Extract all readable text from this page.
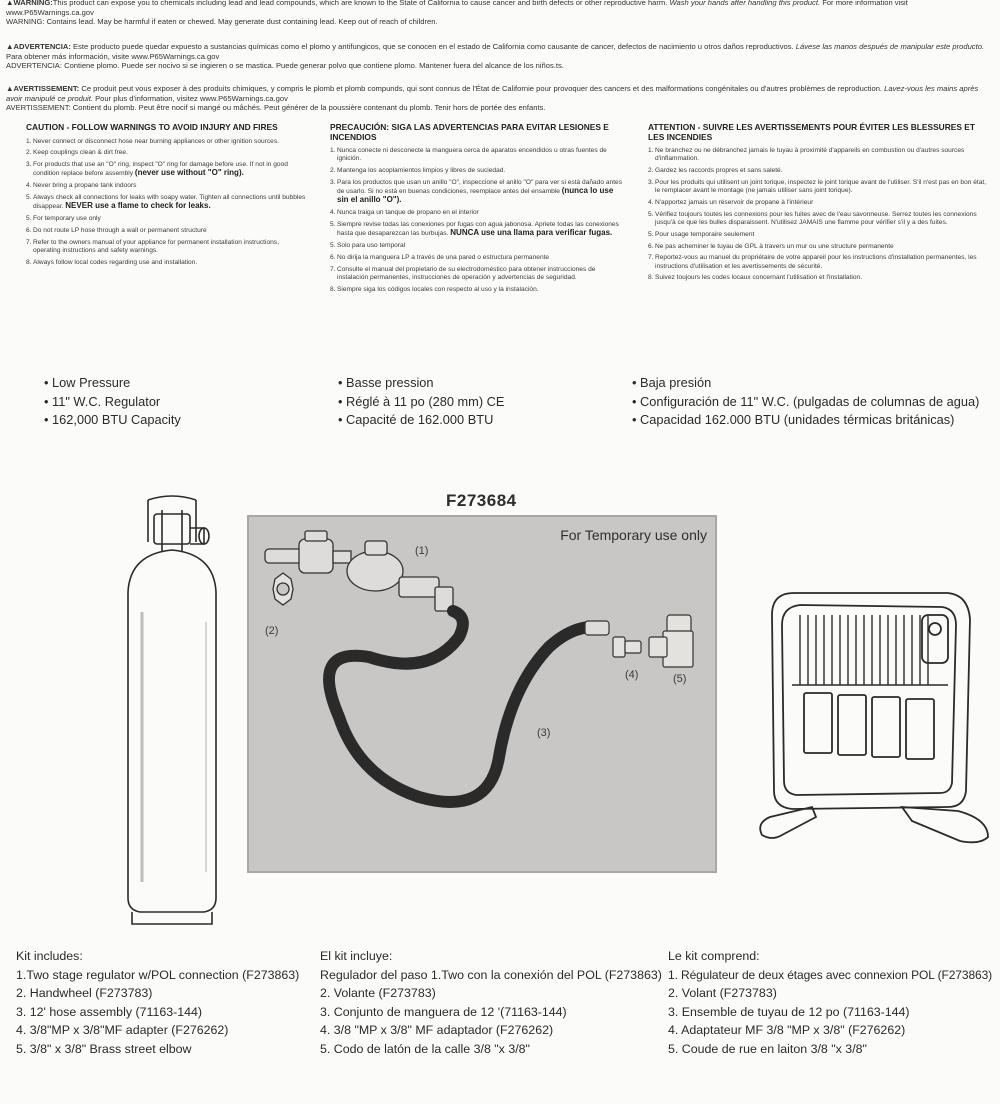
▲WARNING:This product can expose you to chemicals including lead and lead compounds, which are known to the State of California to cause cancer and birth defects or other reproductive harm. Wash your hands after handling this product. For more information visit www.P65Warnings.ca.gov
WARNING: Contains lead. May be harmful if eaten or chewed. May generate dust containing lead. Keep out of reach of children.
▲ADVERTENCIA: Este producto puede quedar expuesto a sustancias químicas como el plomo y antifungicos, que se conocen en el estado de California como causante de cancer, defectos de nacimiento u otros daños reproductivos. Lávese las manos después de manipular este producto. Para obtener más información, visite www.P65Warnings.ca.gov
ADVERTENCIA: Contiene plomo. Puede ser nocivo si se ingieren o se mastica. Puede generar polvo que contiene plomo. Mantener fuera del alcance de los niños.ts.
▲AVERTISSEMENT: Ce produit peut vous exposer à des produits chimiques, y compris le plomb et plomb compunds, qui sont connus de l'État de Californie pour provoquer des cancers et des malformations congénitales ou d'autres problèmes de reproduction. Lavez-vous les mains après avoir manipulé ce produit. Pour plus d'information, visitez www.P65Warnings.ca.gov
AVERTISSEMENT: Contient du plomb. Peut être nocif si mangé ou mâchés. Peut générer de la poussière contenant du plomb. Tenir hors de portée des enfants.
CAUTION - FOLLOW WARNINGS TO AVOID INJURY AND FIRES
1. Never connect or disconnect hose near burning appliances or other ignition sources.
2. Keep couplings clean & dirt free.
3. For products that use an "O" ring, inspect "O" ring for damage before use. If not in good condition replace before assembly (never use without "O" ring).
4. Never bring a propane tank indoors
5. Always check all connections for leaks with soapy water. Tighten all connections until bubbles disappear. NEVER use a flame to check for leaks.
5. For temporary use only
6. Do not route LP hose through a wall or permanent structure
7. Refer to the owners manual of your appliance for permanent installation instructions, operating instructions and safety warnings.
8. Always follow local codes regarding use and installation.
PRECAUCIÓN: SIGA LAS ADVERTENCIAS PARA EVITAR LESIONES E INCENDIOS
1. Nunca conecte ni desconecte la manguera cerca de aparatos encendidos u otras fuentes de ignición.
2. Mantenga los acoplamientos limpios y libres de suciedad.
3. Para los productos que usan un anillo "O", inspeccione el anillo "O" para ver si está dañado antes de usarlo. Si no está en buenas condiciones, reemplace antes del ensamble (nunca lo use sin el anillo "O").
4. Nunca traiga un tanque de propano en el interior
5. Siempre revise todas las conexiones por fugas con agua jabonosa. Apriete todas las conexiones hasta que desaparezcan las burbujas. NUNCA use una llama para verificar fugas.
5. Solo para uso temporal
6. No dirija la manguera LP a través de una pared o estructura permanente
7. Consulte el manual del propietario de su electrodoméstico para obtener instrucciones de instalación permanentes, instrucciones de operación y advertencias de seguridad.
8. Siempre siga los códigos locales con respecto al uso y la instalación.
ATTENTION - SUIVRE LES AVERTISSEMENTS POUR ÉVITER LES BLESSURES ET LES INCENDIES
1. Ne branchez ou ne débranchez jamais le tuyau à proximité d'appareils en combustion ou d'autres sources d'inflammation.
2. Gardez les raccords propres et sans saleté.
3. Pour les produits qui utilisent un joint torique, inspectez le joint torique avant de l'utiliser. S'il n'est pas en bon état, le remplacer avant le montage (ne jamais utiliser sans joint torique).
4. N'apportez jamais un réservoir de propane à l'intérieur
5. Vérifiez toujours toutes les connexions pour les fuites avec de l'eau savonneuse. Serrez toutes les connexions jusqu'à ce que les bulles disparaissent. N'utilisez JAMAIS une flamme pour vérifier s'il y a des fuites.
5. Pour usage temporaire seulement
6. Ne pas acheminer le tuyau de GPL à travers un mur ou une structure permanente
7. Reportez-vous au manuel du propriétaire de votre appareil pour les instructions d'installation permanentes, les instructions d'utilisation et les avertissements de sécurité.
8. Suivez toujours les codes locaux concernant l'utilisation et l'installation.
• Low Pressure
• 11" W.C. Regulator
• 162,000 BTU Capacity
• Basse pression
• Réglé à 11 po (280 mm) CE
• Capacité de 162.000 BTU
• Baja presión
• Configuración de 11" W.C. (pulgadas de columnas de agua)
• Capacidad 162.000 BTU (unidades térmicas británicas)
F273684
For Temporary use only
(1)
(2)
(3)
(4)	(5)
Kit includes:
1.Two stage regulator w/POL connection (F273863)
2. Handwheel (F273783)
3. 12' hose assembly (71163-144)
4. 3/8"MP x 3/8"MF adapter (F276262)
5. 3/8" x 3/8" Brass street elbow
El kit incluye:
Regulador del paso 1.Two con la conexión del POL (F273863)
2. Volante (F273783)
3. Conjunto de manguera de 12 '(71163-144)
4. 3/8 "MP x 3/8" MF adaptador (F276262)
5. Codo de latón de la calle 3/8 "x 3/8"
Le kit comprend:
1. Régulateur de deux étages avec connexion POL (F273863)
2. Volant (F273783)
3. Ensemble de tuyau de 12 po (71163-144)
4. Adaptateur MF 3/8 "MP x 3/8" (F276262)
5. Coude de rue en laiton 3/8 "x 3/8"
